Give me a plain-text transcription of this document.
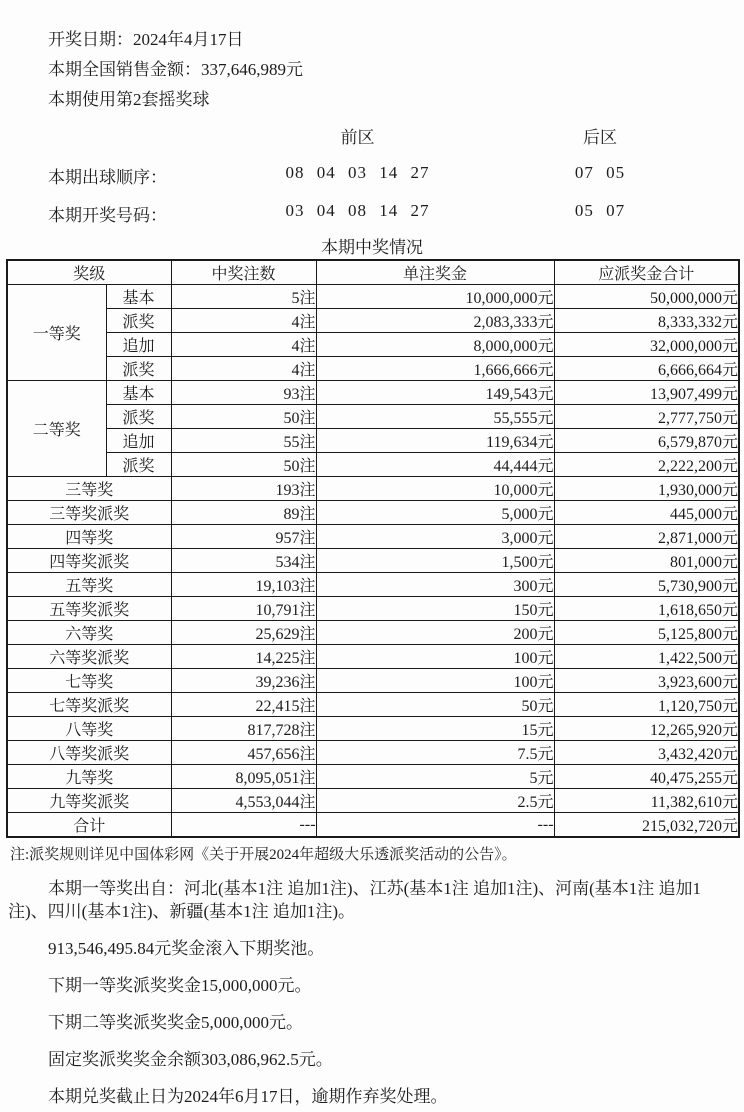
开奖日期：2024年4月17日
本期全国销售金额：337,646,989元
本期使用第2套摇奖球
前区	后区
本期出球顺序：	08 04 03 14 27	07 05
本期开奖号码：	03 04 08 14 27	05 07
本期中奖情况
奖级		中奖注数	单注奖金	应派奖金合计
一等奖	基本	5注	10,000,000元	50,000,000元
	派奖	4注	2,083,333元	8,333,332元
	追加	4注	8,000,000元	32,000,000元
	派奖	4注	1,666,666元	6,666,664元
二等奖	基本	93注	149,543元	13,907,499元
	派奖	50注	55,555元	2,777,750元
	追加	55注	119,634元	6,579,870元
	派奖	50注	44,444元	2,222,200元
三等奖		193注	10,000元	1,930,000元
三等奖派奖		89注	5,000元	445,000元
四等奖		957注	3,000元	2,871,000元
四等奖派奖		534注	1,500元	801,000元
五等奖		19,103注	300元	5,730,900元
五等奖派奖		10,791注	150元	1,618,650元
六等奖		25,629注	200元	5,125,800元
六等奖派奖		14,225注	100元	1,422,500元
七等奖		39,236注	100元	3,923,600元
七等奖派奖		22,415注	50元	1,120,750元
八等奖		817,728注	15元	12,265,920元
八等奖派奖		457,656注	7.5元	3,432,420元
九等奖		8,095,051注	5元	40,475,255元
九等奖派奖		4,553,044注	2.5元	11,382,610元
合计		---	---	215,032,720元
注:派奖规则详见中国体彩网《关于开展2024年超级大乐透派奖活动的公告》。

本期一等奖出自：河北(基本1注 追加1注)、江苏(基本1注 追加1注)、河南(基本1注 追加1注)、四川(基本1注)、新疆(基本1注 追加1注)。

913,546,495.84元奖金滚入下期奖池。

下期一等奖派奖奖金15,000,000元。

下期二等奖派奖奖金5,000,000元。

固定奖派奖奖金余额303,086,962.5元。

本期兑奖截止日为2024年6月17日，逾期作弃奖处理。
